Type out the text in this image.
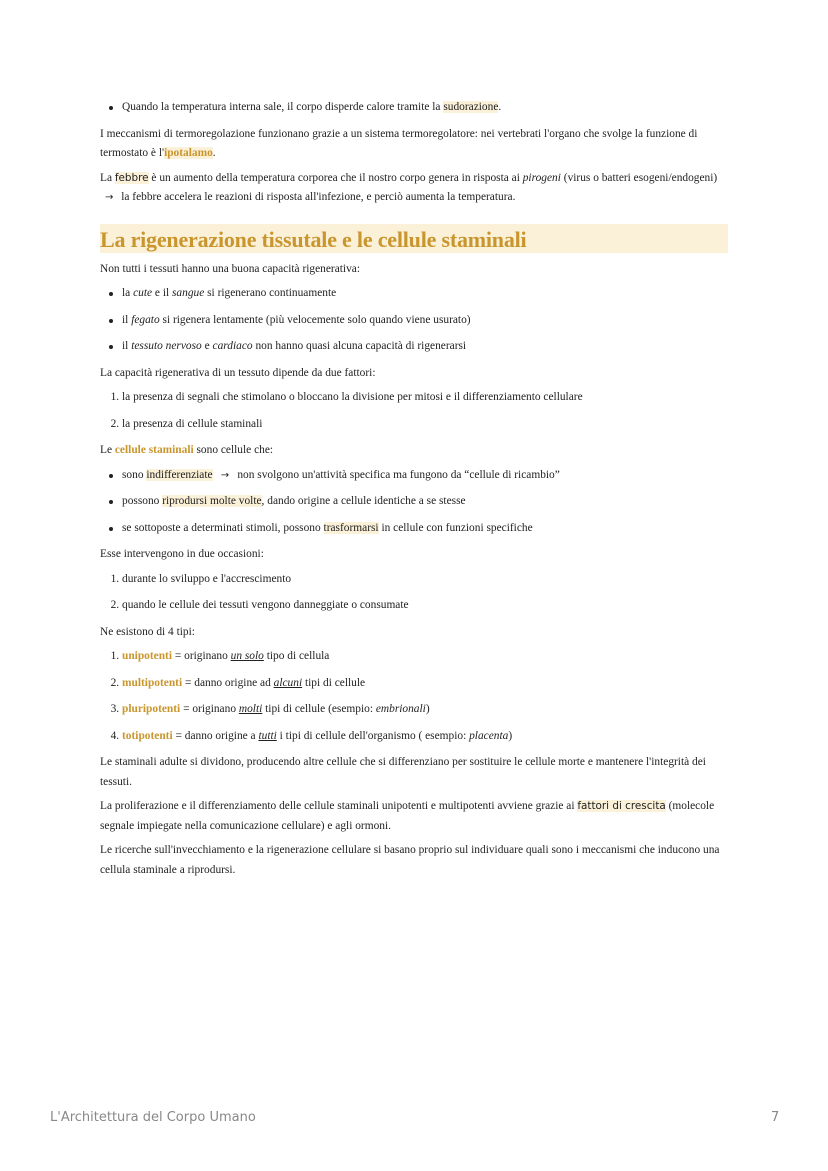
Quando la temperatura interna sale, il corpo disperde calore tramite la sudorazione.

I meccanismi di termoregolazione funzionano grazie a un sistema termoregolatore: nei vertebrati l'organo che svolge la funzione di termostato è l'ipotalamo.

La febbre è un aumento della temperatura corporea che il nostro corpo genera in risposta ai pirogeni (virus o batteri esogeni/endogeni) → la febbre accelera le reazioni di risposta all'infezione, e perciò aumenta la temperatura.

La rigenerazione tissutale e le cellule staminali

Non tutti i tessuti hanno una buona capacità rigenerativa:

la cute e il sangue si rigenerano continuamente
il fegato si rigenera lentamente (più velocemente solo quando viene usurato)
il tessuto nervoso e cardiaco non hanno quasi alcuna capacità di rigenerarsi

La capacità rigenerativa di un tessuto dipende da due fattori:

1. la presenza di segnali che stimolano o bloccano la divisione per mitosi e il differenziamento cellulare
2. la presenza di cellule staminali

Le cellule staminali sono cellule che:

sono indifferenziate → non svolgono un'attività specifica ma fungono da “cellule di ricambio”
possono riprodursi molte volte, dando origine a cellule identiche a se stesse
se sottoposte a determinati stimoli, possono trasformarsi in cellule con funzioni specifiche

Esse intervengono in due occasioni:

1. durante lo sviluppo e l'accrescimento
2. quando le cellule dei tessuti vengono danneggiate o consumate

Ne esistono di 4 tipi:

1. unipotenti = originano un solo tipo di cellula
2. multipotenti = danno origine ad alcuni tipi di cellule
3. pluripotenti = originano molti tipi di cellule (esempio: embrionali)
4. totipotenti = danno origine a tutti i tipi di cellule dell'organismo ( esempio: placenta)

Le staminali adulte si dividono, producendo altre cellule che si differenziano per sostituire le cellule morte e mantenere l'integrità dei tessuti.

La proliferazione e il differenziamento delle cellule staminali unipotenti e multipotenti avviene grazie ai fattori di crescita (molecole segnale impiegate nella comunicazione cellulare) e agli ormoni.

Le ricerche sull'invecchiamento e la rigenerazione cellulare si basano proprio sul individuare quali sono i meccanismi che inducono una cellula staminale a riprodursi.

L'Architettura del Corpo Umano	7
